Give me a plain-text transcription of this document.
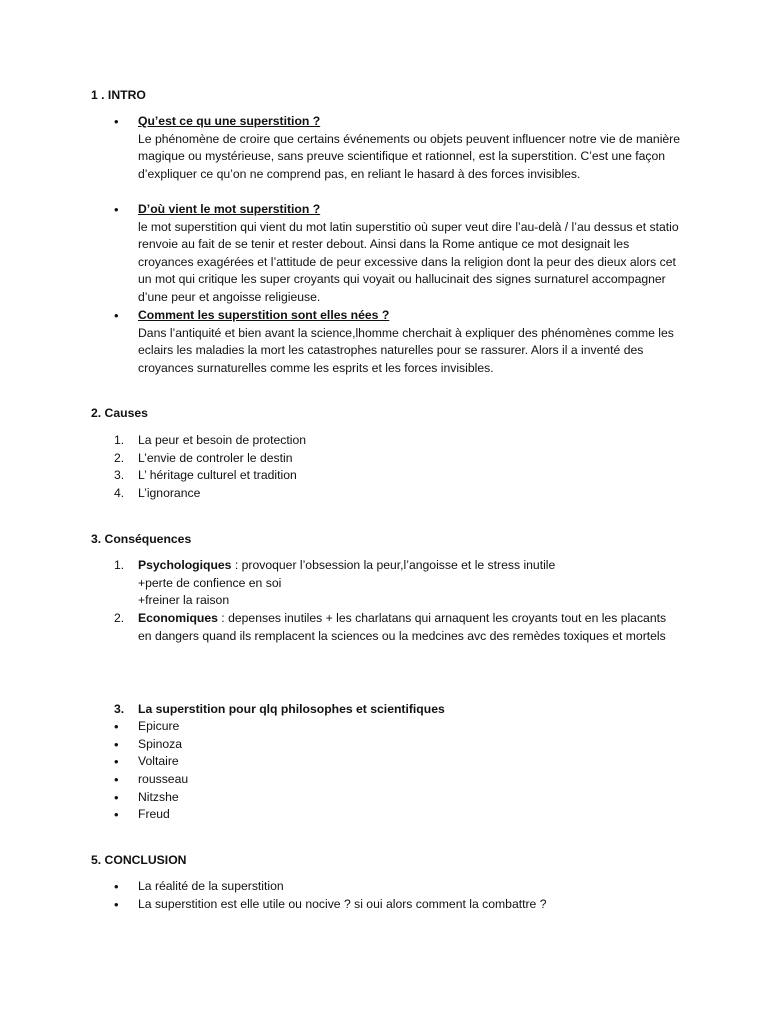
1 . INTRO
•	Qu’est ce qu une superstition ?
Le phénomène de croire que certains événements ou objets peuvent influencer notre vie de manière magique ou mystérieuse, sans preuve scientifique et rationnel, est la superstition. C’est une façon d’expliquer ce qu’on ne comprend pas, en reliant le hasard à des forces invisibles.
•	D’où vient le mot superstition ?
le mot superstition qui vient du mot latin superstitio où super veut dire l’au-delà / l’au dessus et statio renvoie au fait de se tenir et rester debout. Ainsi dans la Rome antique ce mot designait les croyances exagérées et l’attitude de peur excessive dans la religion dont la peur des dieux alors cet un mot qui critique les super croyants qui voyait ou hallucinait des signes surnaturel accompagner d’une peur et angoisse religieuse.
•	Comment les superstition sont elles nées ?
Dans l’antiquité et bien avant la science,lhomme cherchait à expliquer des phénomènes comme les eclairs les maladies la mort les catastrophes naturelles pour se rassurer. Alors il a inventé des croyances surnaturelles comme les esprits et les forces invisibles.
2. Causes
1.	La peur et besoin de protection
2.	L’envie de controler le destin
3.	L’ héritage culturel et tradition
4.	L’ignorance
3. Conséquences
1.	Psychologiques : provoquer l’obsession la peur,l’angoisse et le stress inutile
+perte de confience en soi
+freiner la raison
2.	Economiques : depenses inutiles + les charlatans qui arnaquent les croyants tout en les placants en dangers quand ils remplacent la sciences ou la medcines avc des remèdes toxiques et mortels
3.	La superstition pour qlq philosophes et scientifiques
•	Epicure
•	Spinoza
•	Voltaire
•	rousseau
•	Nitzshe
•	Freud
5. CONCLUSION
•	La réalité de la superstition
•	La superstition est elle utile ou nocive ? si oui alors comment la combattre ?
